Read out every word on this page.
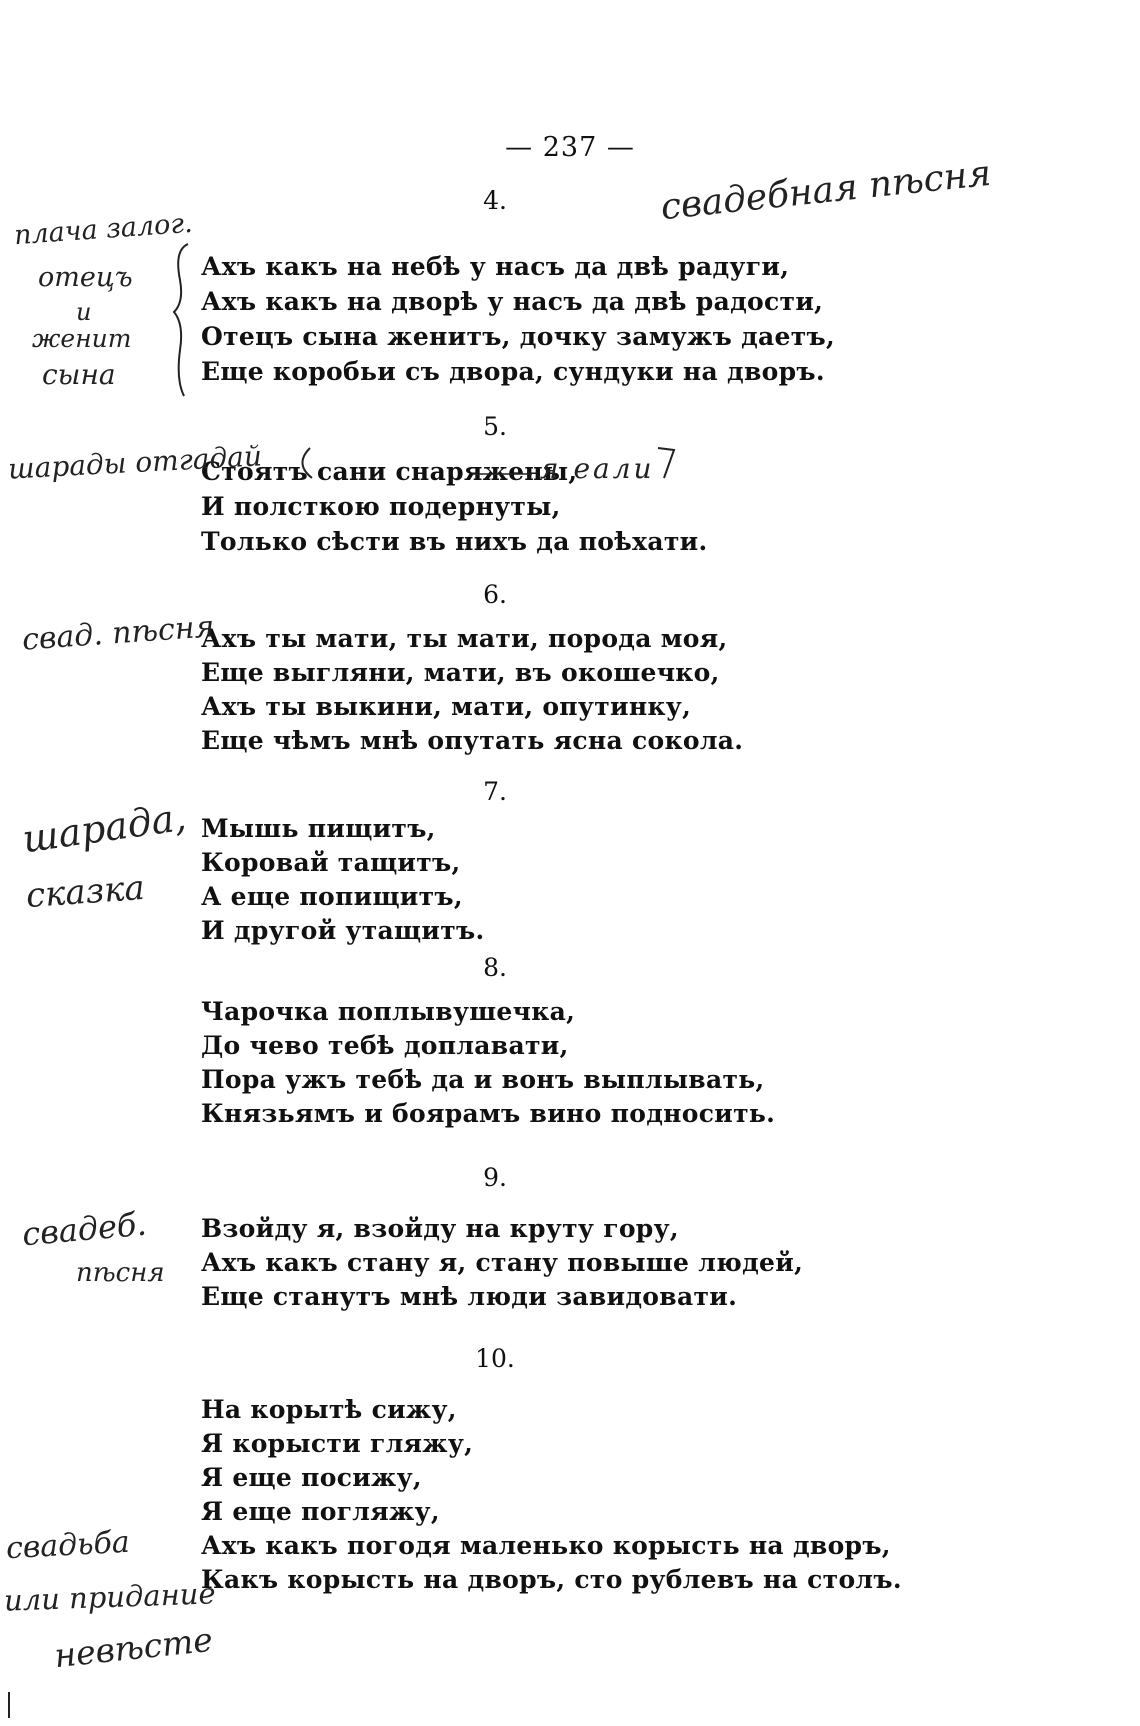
— 237 —
4.
Ахъ какъ на небѣ у насъ да двѣ радуги,
Ахъ какъ на дворѣ у насъ да двѣ радости,
Отецъ сына женитъ, дочку замужъ даетъ,
Еще коробьи съ двора, сундуки на дворъ.
5.
Стоятъ сани снаряжены,
И полсткою подернуты,
Только сѣсти въ нихъ да поѣхати.
6.
Ахъ ты мати, ты мати, порода моя,
Еще выгляни, мати, въ окошечко,
Ахъ ты выкини, мати, опутинку,
Еще чѣмъ мнѣ опутать ясна сокола.
7.
Мышь пищитъ,
Коровай тащитъ,
А еще попищитъ,
И другой утащитъ.
8.
Чарочка поплывушечка,
До чево тебѣ доплавати,
Пора ужъ тебѣ да и вонъ выплывать,
Князьямъ и боярамъ вино подносить.
9.
Взойду я, взойду на круту гору,
Ахъ какъ стану я, стану повыше людей,
Еще станутъ мнѣ люди завидовати.
10.
На корытѣ сижу,
Я корысти гляжу,
Я еще посижу,
Я еще погляжу,
Ахъ какъ погодя маленько корысть на дворъ,
Какъ корысть на дворъ, сто рублевъ на столъ.
свадебная пѣсня
плача залог.
отецъ
и
женит
сына
шарады отгадай	я еали
свад. пѣсня
шарада,
сказка
свадеб.
пѣсня
свадьба
или придание
невѣсте
